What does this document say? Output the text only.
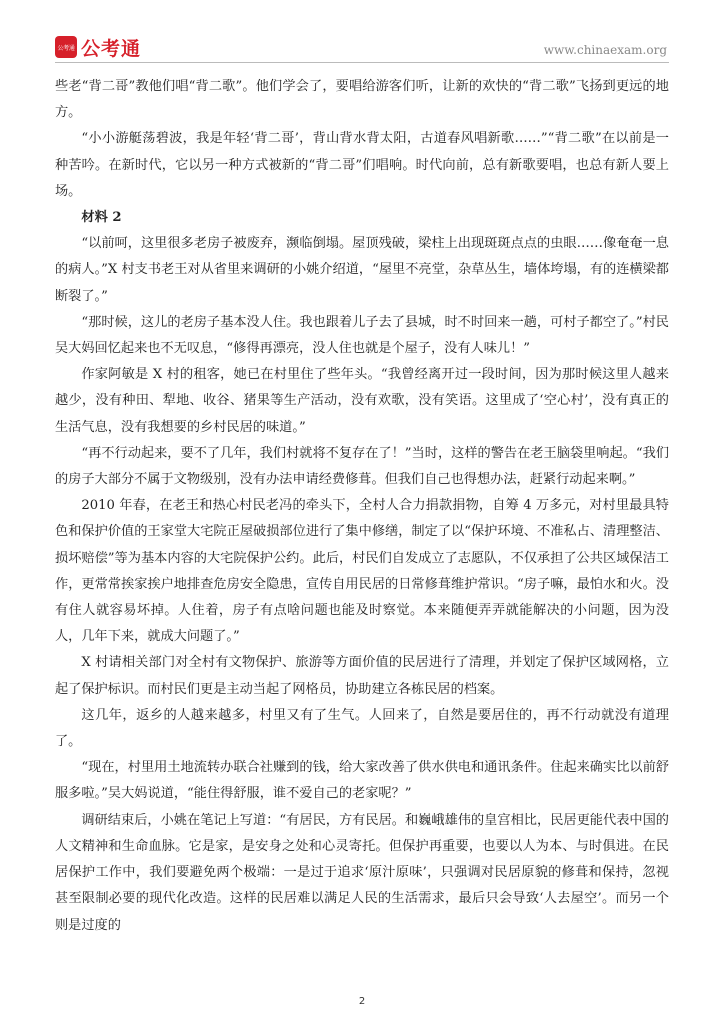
公考通 公考通	www.chinaexam.org

些老“背二哥”教他们唱“背二歌”。他们学会了，要唱给游客们听，让新的欢快的“背二歌”飞扬到更远的地方。

“小小游艇荡碧波，我是年轻‘背二哥’，背山背水背太阳，古道春风唱新歌……”“背二歌”在以前是一种苦吟。在新时代，它以另一种方式被新的“背二哥”们唱响。时代向前，总有新歌要唱，也总有新人要上场。

材料 2

“以前呵，这里很多老房子被废弃，濒临倒塌。屋顶残破，梁柱上出现斑斑点点的虫眼……像奄奄一息的病人。”X 村支书老王对从省里来调研的小姚介绍道，“屋里不亮堂，杂草丛生，墙体垮塌，有的连横梁都断裂了。”

“那时候，这儿的老房子基本没人住。我也跟着儿子去了县城，时不时回来一趟，可村子都空了。”村民吴大妈回忆起来也不无叹息，“修得再漂亮，没人住也就是个屋子，没有人味儿！”

作家阿敏是 X 村的租客，她已在村里住了些年头。“我曾经离开过一段时间，因为那时候这里人越来越少，没有种田、犁地、收谷、猪果等生产活动，没有欢歌，没有笑语。这里成了‘空心村’，没有真正的生活气息，没有我想要的乡村民居的味道。”

“再不行动起来，要不了几年，我们村就将不复存在了！”当时，这样的警告在老王脑袋里响起。“我们的房子大部分不属于文物级别，没有办法申请经费修葺。但我们自己也得想办法，赶紧行动起来啊。”

2010 年春，在老王和热心村民老冯的牵头下，全村人合力捐款捐物，自筹 4 万多元，对村里最具特色和保护价值的王家堂大宅院正屋破损部位进行了集中修缮，制定了以“保护环境、不准私占、清理整洁、损坏赔偿”等为基本内容的大宅院保护公约。此后，村民们自发成立了志愿队，不仅承担了公共区域保洁工作，更常常挨家挨户地排查危房安全隐患，宣传自用民居的日常修葺维护常识。“房子嘛，最怕水和火。没有住人就容易坏掉。人住着，房子有点啥问题也能及时察觉。本来随便弄弄就能解决的小问题，因为没人，几年下来，就成大问题了。”

X 村请相关部门对全村有文物保护、旅游等方面价值的民居进行了清理，并划定了保护区域网格，立起了保护标识。而村民们更是主动当起了网格员，协助建立各栋民居的档案。

这几年，返乡的人越来越多，村里又有了生气。人回来了，自然是要居住的，再不行动就没有道理了。

“现在，村里用土地流转办联合社赚到的钱，给大家改善了供水供电和通讯条件。住起来确实比以前舒服多啦。”吴大妈说道，“能住得舒服，谁不爱自己的老家呢？”

调研结束后，小姚在笔记上写道：“有居民，方有民居。和巍峨雄伟的皇宫相比，民居更能代表中国的人文精神和生命血脉。它是家，是安身之处和心灵寄托。但保护再重要，也要以人为本、与时俱进。在民居保护工作中，我们要避免两个极端：一是过于追求‘原汁原味’，只强调对民居原貌的修葺和保持，忽视甚至限制必要的现代化改造。这样的民居难以满足人民的生活需求，最后只会导致‘人去屋空’。而另一个则是过度的

2
